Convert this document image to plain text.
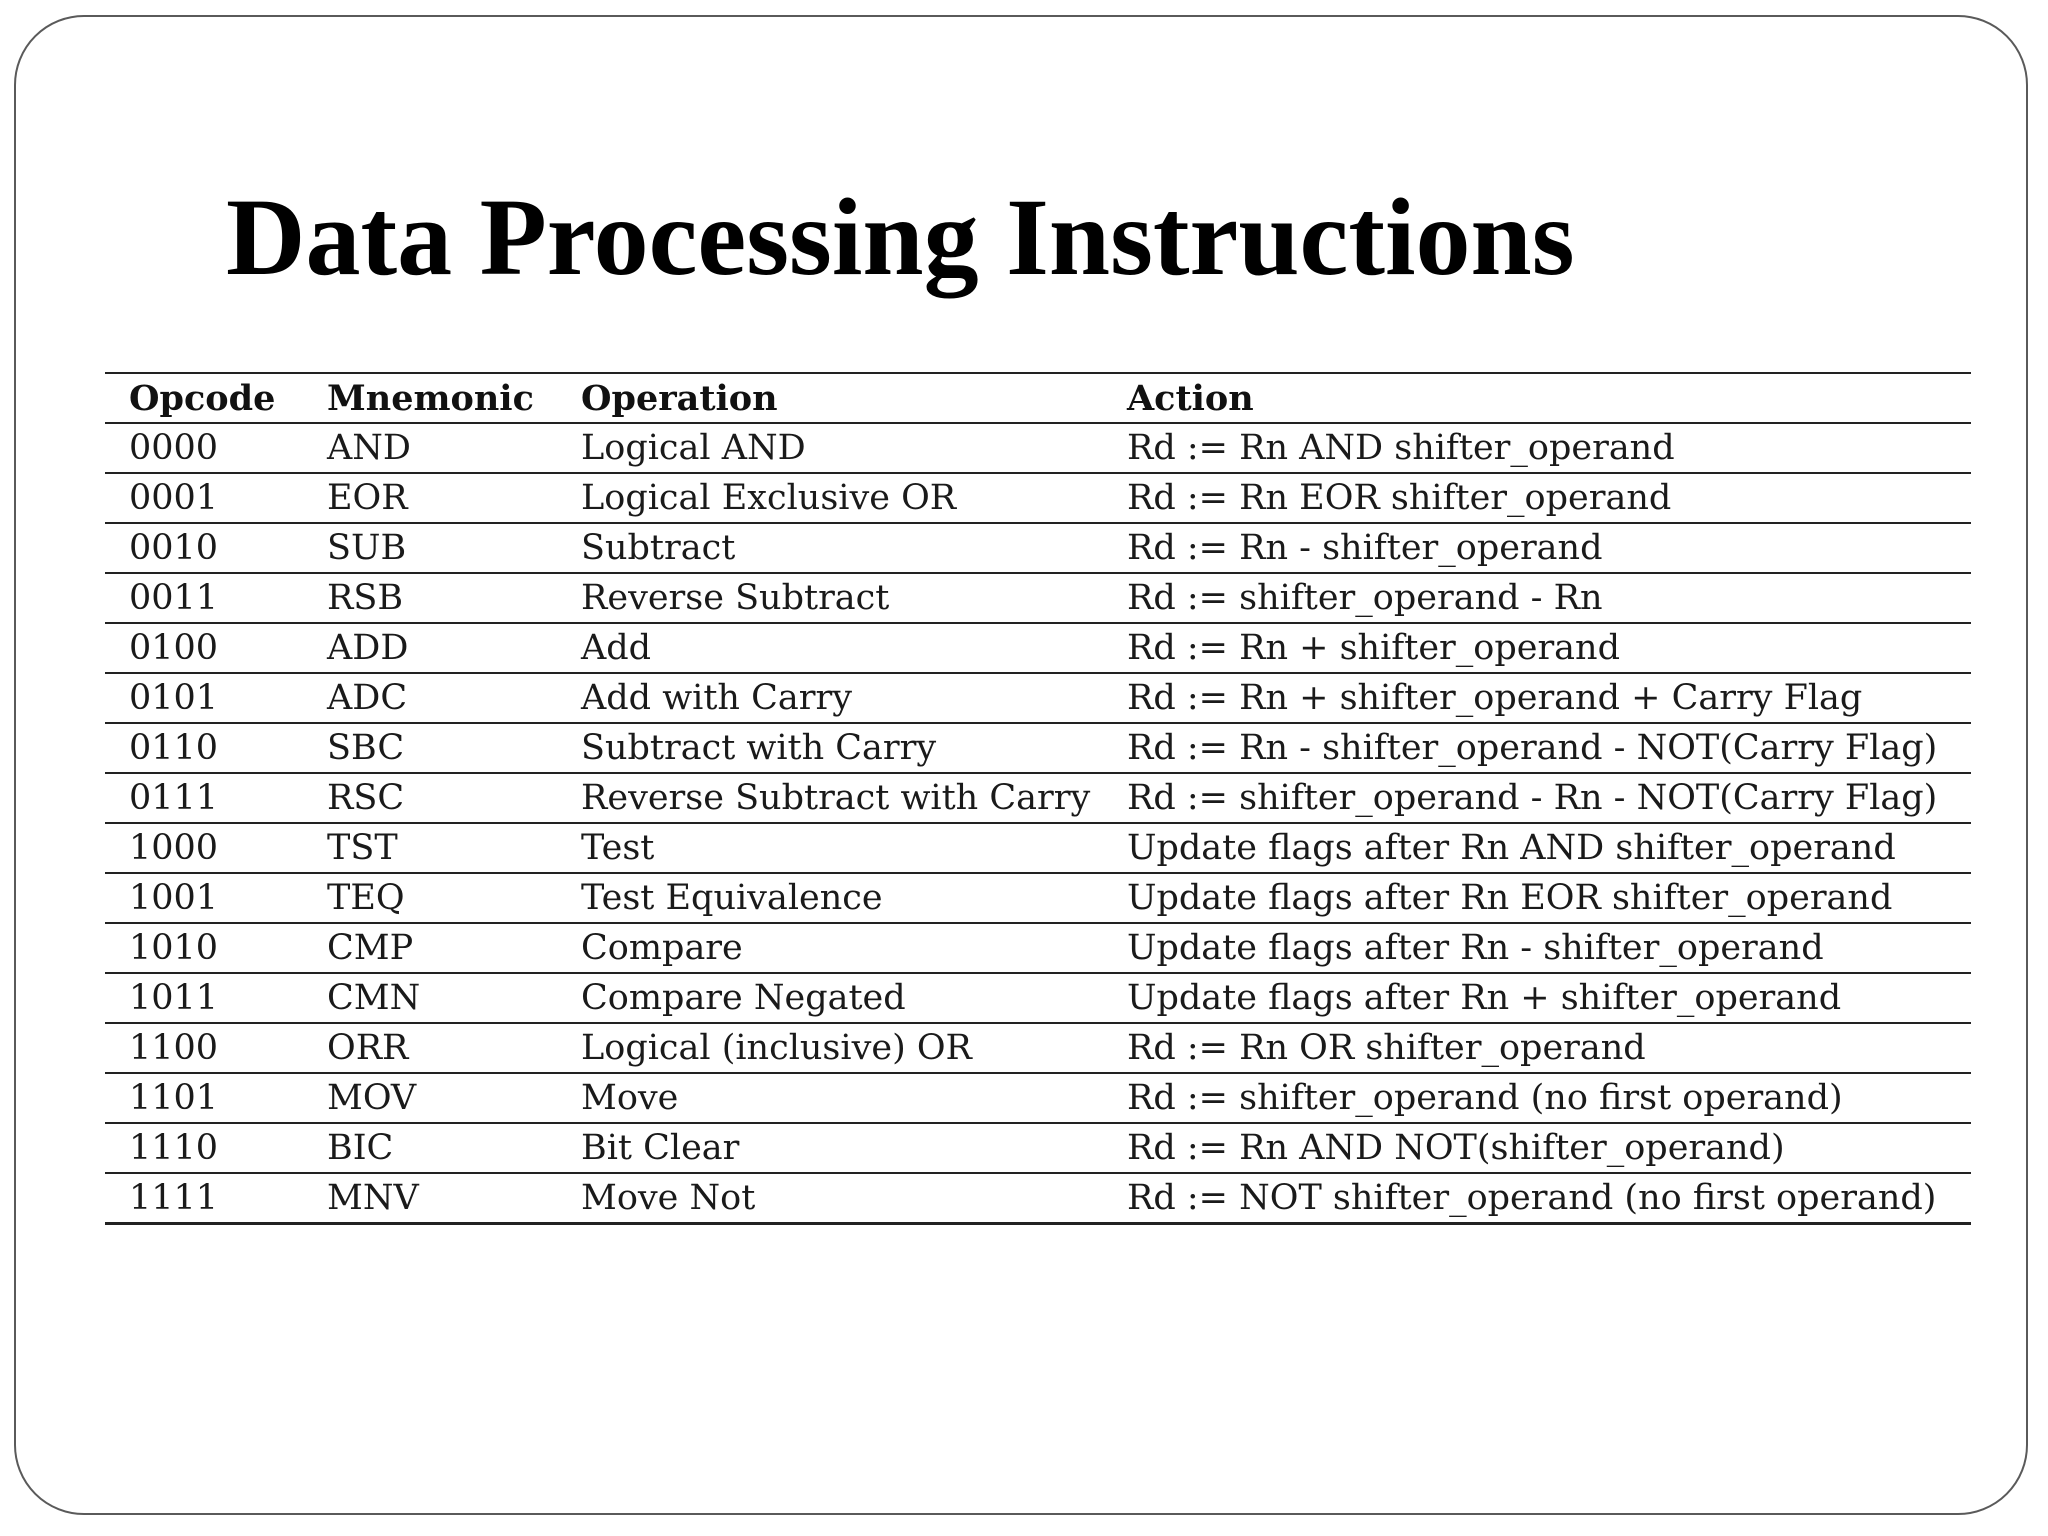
Data Processing Instructions
Opcode	Mnemonic	Operation	Action
0000	AND	Logical AND	Rd := Rn AND shifter_operand
0001	EOR	Logical Exclusive OR	Rd := Rn EOR shifter_operand
0010	SUB	Subtract	Rd := Rn - shifter_operand
0011	RSB	Reverse Subtract	Rd := shifter_operand - Rn
0100	ADD	Add	Rd := Rn + shifter_operand
0101	ADC	Add with Carry	Rd := Rn + shifter_operand + Carry Flag
0110	SBC	Subtract with Carry	Rd := Rn - shifter_operand - NOT(Carry Flag)
0111	RSC	Reverse Subtract with Carry	Rd := shifter_operand - Rn - NOT(Carry Flag)
1000	TST	Test	Update flags after Rn AND shifter_operand
1001	TEQ	Test Equivalence	Update flags after Rn EOR shifter_operand
1010	CMP	Compare	Update flags after Rn - shifter_operand
1011	CMN	Compare Negated	Update flags after Rn + shifter_operand
1100	ORR	Logical (inclusive) OR	Rd := Rn OR shifter_operand
1101	MOV	Move	Rd := shifter_operand (no first operand)
1110	BIC	Bit Clear	Rd := Rn AND NOT(shifter_operand)
1111	MNV	Move Not	Rd := NOT shifter_operand (no first operand)
